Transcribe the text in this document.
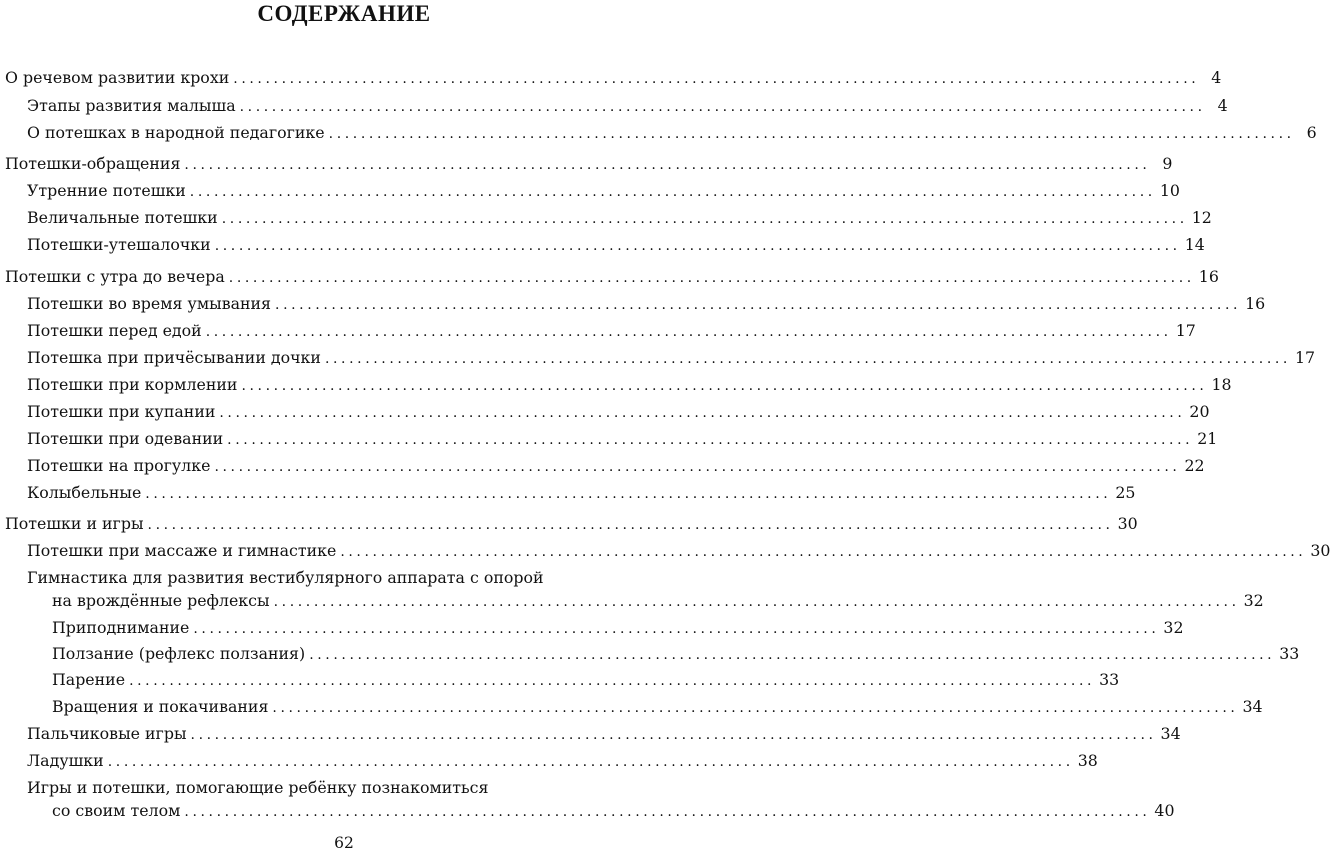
СОДЕРЖАНИЕ
О речевом развитии крохи ........................................................................................................................ 4
Этапы развития малыша ........................................................................................................................ 4
О потешках в народной педагогике ........................................................................................................................ 6
Потешки-обращения ........................................................................................................................ 9
Утренние потешки ........................................................................................................................ 10
Величальные потешки ........................................................................................................................ 12
Потешки-утешалочки ........................................................................................................................ 14
Потешки с утра до вечера ........................................................................................................................ 16
Потешки во время умывания ........................................................................................................................ 16
Потешки перед едой ........................................................................................................................ 17
Потешка при причёсывании дочки ........................................................................................................................ 17
Потешки при кормлении ........................................................................................................................ 18
Потешки при купании ........................................................................................................................ 20
Потешки при одевании ........................................................................................................................ 21
Потешки на прогулке ........................................................................................................................ 22
Колыбельные ........................................................................................................................ 25
Потешки и игры ........................................................................................................................ 30
Потешки при массаже и гимнастике ........................................................................................................................ 30
Гимнастика для развития вестибулярного аппарата с опорой
на врождённые рефлексы ........................................................................................................................ 32
Приподнимание ........................................................................................................................ 32
Ползание (рефлекс ползания) ........................................................................................................................ 33
Парение ........................................................................................................................ 33
Вращения и покачивания ........................................................................................................................ 34
Пальчиковые игры ........................................................................................................................ 34
Ладушки ........................................................................................................................ 38
Игры и потешки, помогающие ребёнку познакомиться
со своим телом ........................................................................................................................ 40
62
